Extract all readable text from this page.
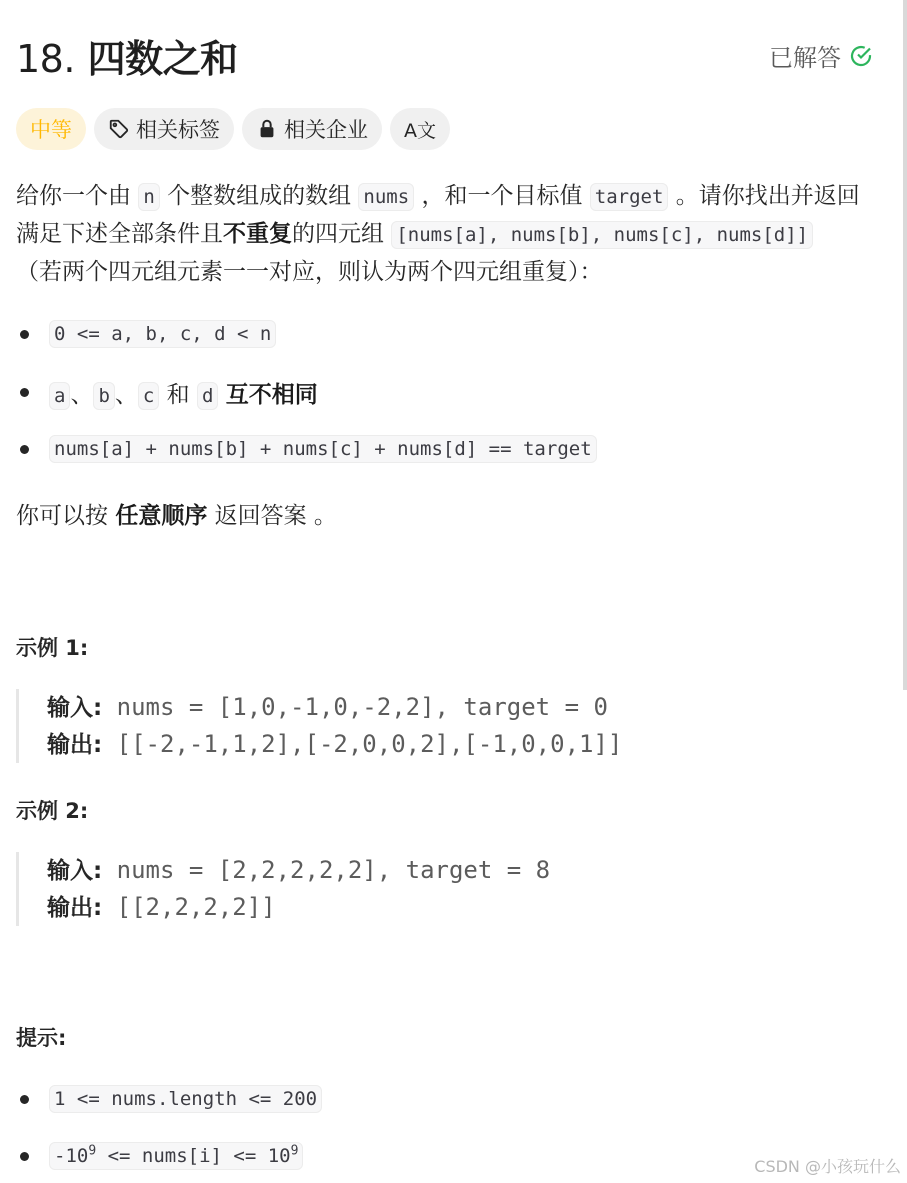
18. 四数之和	已解答
中等	相关标签	相关企业 A文
给你一个由 n 个整数组成的数组 nums ，和一个目标值 target 。请你找出并返回满足下述全部条件且不重复的四元组 [nums[a], nums[b], nums[c], nums[d]] （若两个四元组元素一一对应，则认为两个四元组重复）：
0 <= a, b, c, d < n
a 、 b 、 c 和 d 互不相同
nums[a] + nums[b] + nums[c] + nums[d] == target
你可以按 任意顺序 返回答案 。
示例 1:
输入: nums = [1,0,-1,0,-2,2], target = 0
输出: [[-2,-1,1,2],[-2,0,0,2],[-1,0,0,1]]
示例 2:
输入: nums = [2,2,2,2,2], target = 8
输出: [[2,2,2,2]]
提示:
1 <= nums.length <= 200
$-10^9$ <= nums[i] <= $10^9$
CSDN @小孩玩什么
